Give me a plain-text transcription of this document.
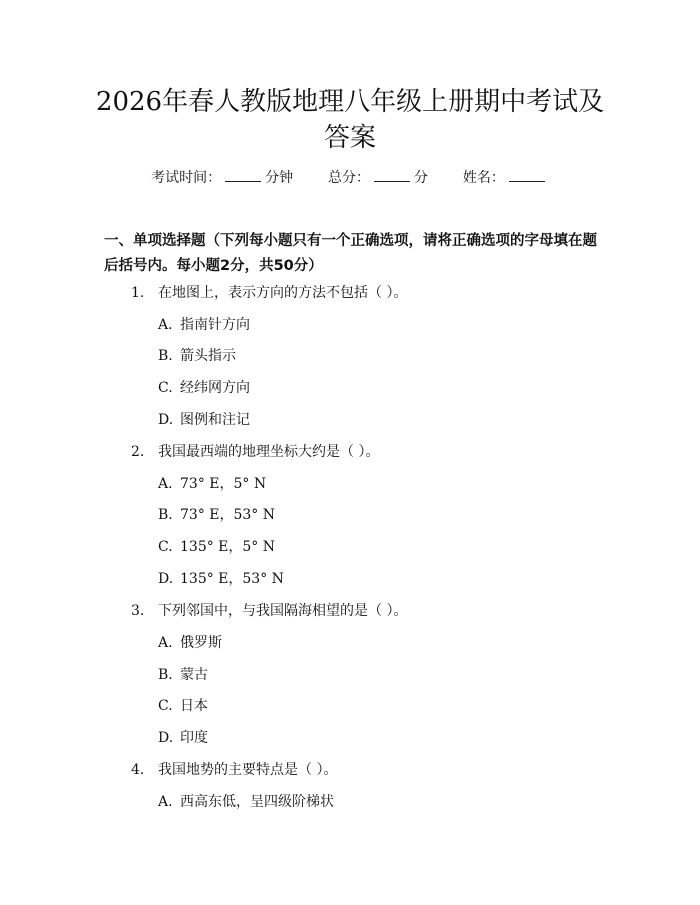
2026年春人教版地理八年级上册期中考试及
答案
考试时间：	分钟 总分：	分 姓名：
一、单项选择题（下列每小题只有一个正确选项，请将正确选项的字母填在题后括号内。每小题2分，共50分）
1. 在地图上，表示方向的方法不包括（ ）。
A. 指南针方向
B. 箭头指示
C. 经纬网方向
D. 图例和注记
2. 我国最西端的地理坐标大约是（ ）。
A. 73° E，5° N
B. 73° E，53° N
C. 135° E，5° N
D. 135° E，53° N
3. 下列邻国中，与我国隔海相望的是（ ）。
A. 俄罗斯
B. 蒙古
C. 日本
D. 印度
4. 我国地势的主要特点是（ ）。
A. 西高东低，呈四级阶梯状
